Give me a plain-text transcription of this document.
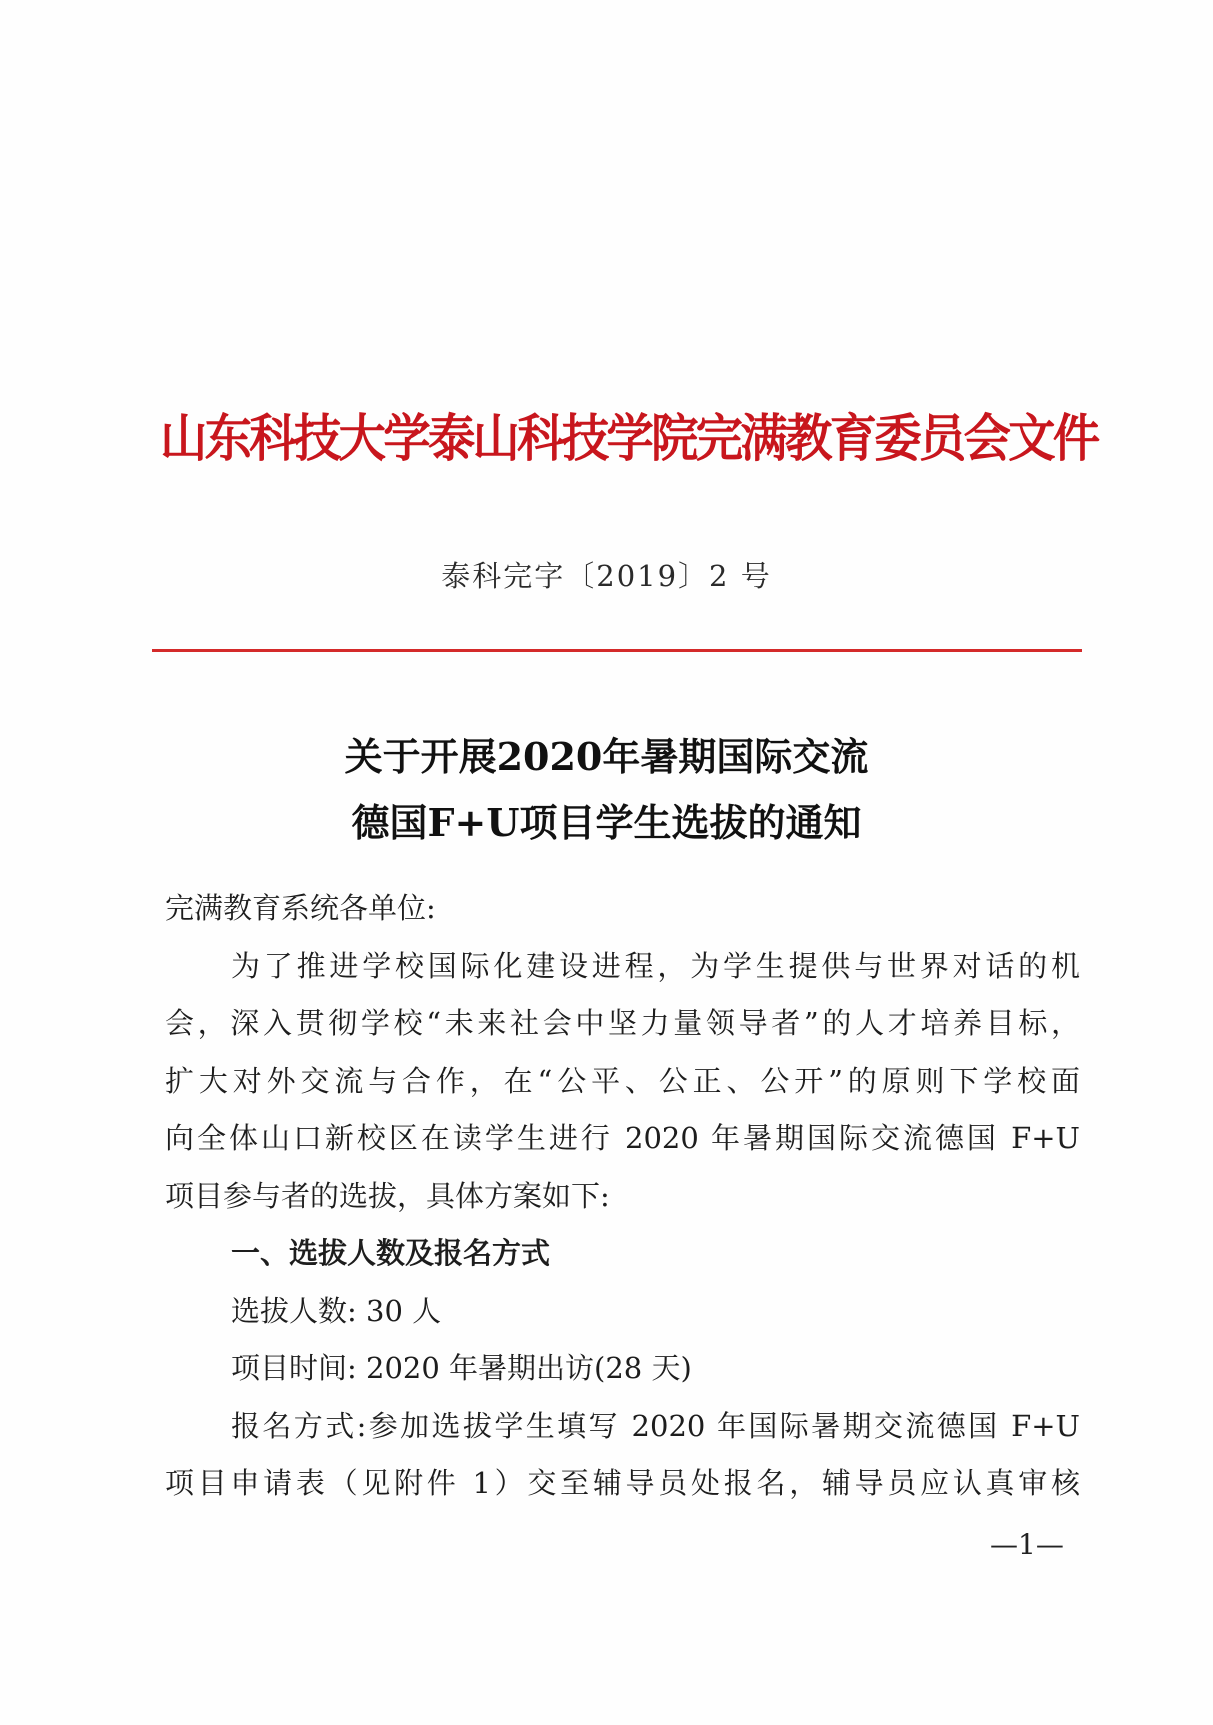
山东科技大学泰山科技学院完满教育委员会文件
泰科完字〔2019〕2 号
关于开展2020年暑期国际交流
德国F+U项目学生选拔的通知

完满教育系统各单位:

为了推进学校国际化建设进程，为学生提供与世界对话的机

会，深入贯彻学校“未来社会中坚力量领导者”的人才培养目标，

扩大对外交流与合作，在“公平、公正、公开”的原则下学校面

向全体山口新校区在读学生进行 2020 年暑期国际交流德国 F+U

项目参与者的选拔，具体方案如下:

一、选拔人数及报名方式

选拔人数: 30 人

项目时间: 2020 年暑期出访(28 天)

报名方式:参加选拔学生填写 2020 年国际暑期交流德国 F+U

项目申请表（见附件 1）交至辅导员处报名，辅导员应认真审核

—1—
